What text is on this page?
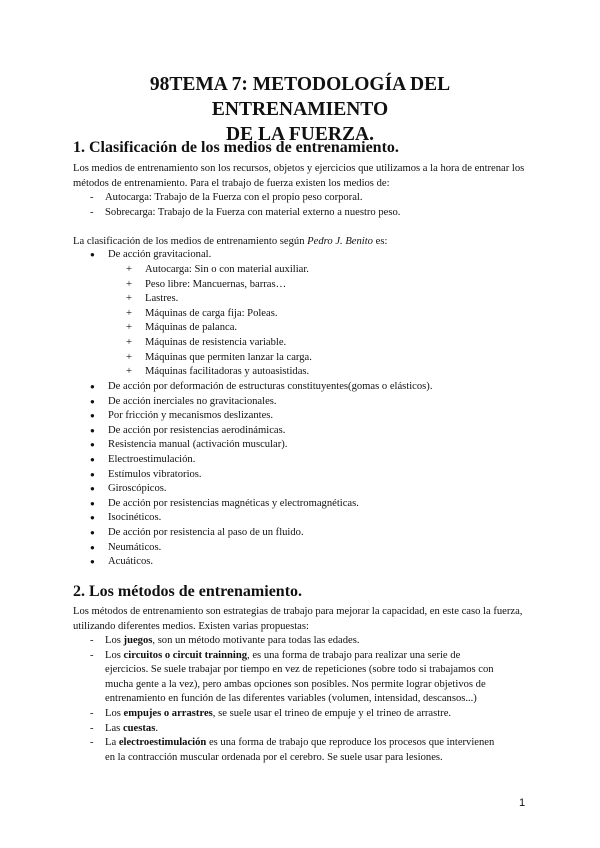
98TEMA 7: METODOLOGÍA DEL ENTRENAMIENTO
DE LA FUERZA.
1. Clasificación de los medios de entrenamiento.

Los medios de entrenamiento son los recursos, objetos y ejercicios que utilizamos a la hora de entrenar los métodos de entrenamiento. Para el trabajo de fuerza existen los medios de:

- Autocarga: Trabajo de la Fuerza con el propio peso corporal.
- Sobrecarga: Trabajo de la Fuerza con material externo a nuestro peso.

La clasificación de los medios de entrenamiento según Pedro J. Benito es:

● De acción gravitacional.
+ Autocarga: Sin o con material auxiliar.
+ Peso libre: Mancuernas, barras…
+ Lastres.
+ Máquinas de carga fija: Poleas.
+ Máquinas de palanca.
+ Máquinas de resistencia variable.
+ Máquinas que permiten lanzar la carga.
+ Máquinas facilitadoras y autoasistidas.
● De acción por deformación de estructuras constituyentes(gomas o elásticos).
● De acción inerciales no gravitacionales.
● Por fricción y mecanismos deslizantes.
● De acción por resistencias aerodinámicas.
● Resistencia manual (activación muscular).
● Electroestimulación.
● Estímulos vibratorios.
● Giroscópicos.
● De acción por resistencias magnéticas y electromagnéticas.
● Isocinéticos.
● De acción por resistencia al paso de un fluido.
● Neumáticos.
● Acuáticos.
2. Los métodos de entrenamiento.

Los métodos de entrenamiento son estrategias de trabajo para mejorar la capacidad, en este caso la fuerza, utilizando diferentes medios. Existen varias propuestas:

- Los juegos, son un método motivante para todas las edades.
- Los circuitos o circuit trainning, es una forma de trabajo para realizar una serie de ejercicios. Se suele trabajar por tiempo en vez de repeticiones (sobre todo si trabajamos con mucha gente a la vez), pero ambas opciones son posibles. Nos permite lograr objetivos de entrenamiento en función de las diferentes variables (volumen, intensidad, descansos...)
- Los empujes o arrastres, se suele usar el trineo de empuje y el trineo de arrastre.
- Las cuestas.
- La electroestimulación es una forma de trabajo que reproduce los procesos que intervienen en la contracción muscular ordenada por el cerebro. Se suele usar para lesiones.
1
